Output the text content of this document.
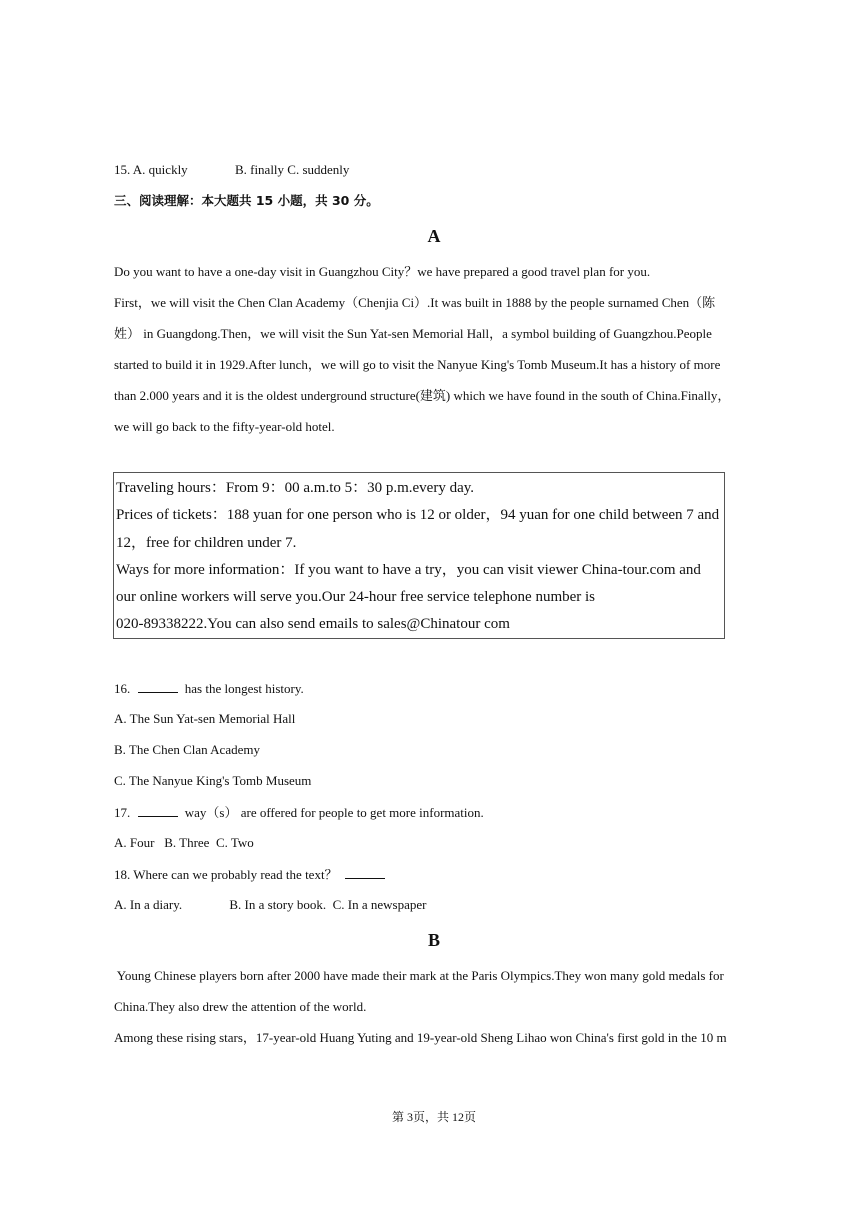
15. A. quickly	B. finally C. suddenly
三、阅读理解：本大题共 15 小题，共 30 分。
A
Do you want to have a one-day visit in Guangzhou City？we have prepared a good travel plan for you.
First，we will visit the Chen Clan Academy（Chenjia Ci）.It was built in 1888 by the people surnamed Chen（陈
姓） in Guangdong.Then，we will visit the Sun Yat-sen Memorial Hall，a symbol building of Guangzhou.People
started to build it in 1929.After lunch，we will go to visit the Nanyue King's Tomb Museum.It has a history of more
than 2.000 years and it is the oldest underground structure(建筑) which we have found in the south of China.Finally，
we will go back to the fifty-year-old hotel.
Traveling hours：From 9：00 a.m.to 5：30 p.m.every day.
Prices of tickets：188 yuan for one person who is 12 or older，94 yuan for one child between 7 and
12，free for children under 7.
Ways for more information：If you want to have a try，you can visit viewer China-tour.com and
our online workers will serve you.Our 24-hour free service telephone number is
020-89338222.You can also send emails to sales@Chinatour com
16.	has the longest history.
A. The Sun Yat-sen Memorial Hall
B. The Chen Clan Academy
C. The Nanyue King's Tomb Museum
17.	way（s） are offered for people to get more information.
A. Four   B. Three  C. Two
18. Where can we probably read the text？
A. In a diary.	B. In a story book.  C. In a newspaper
B
Young Chinese players born after 2000 have made their mark at the Paris Olympics.They won many gold medals for
China.They also drew the attention of the world.
Among these rising stars，17-year-old Huang Yuting and 19-year-old Sheng Lihao won China's first gold in the 10 m
第 3页，共 12页
